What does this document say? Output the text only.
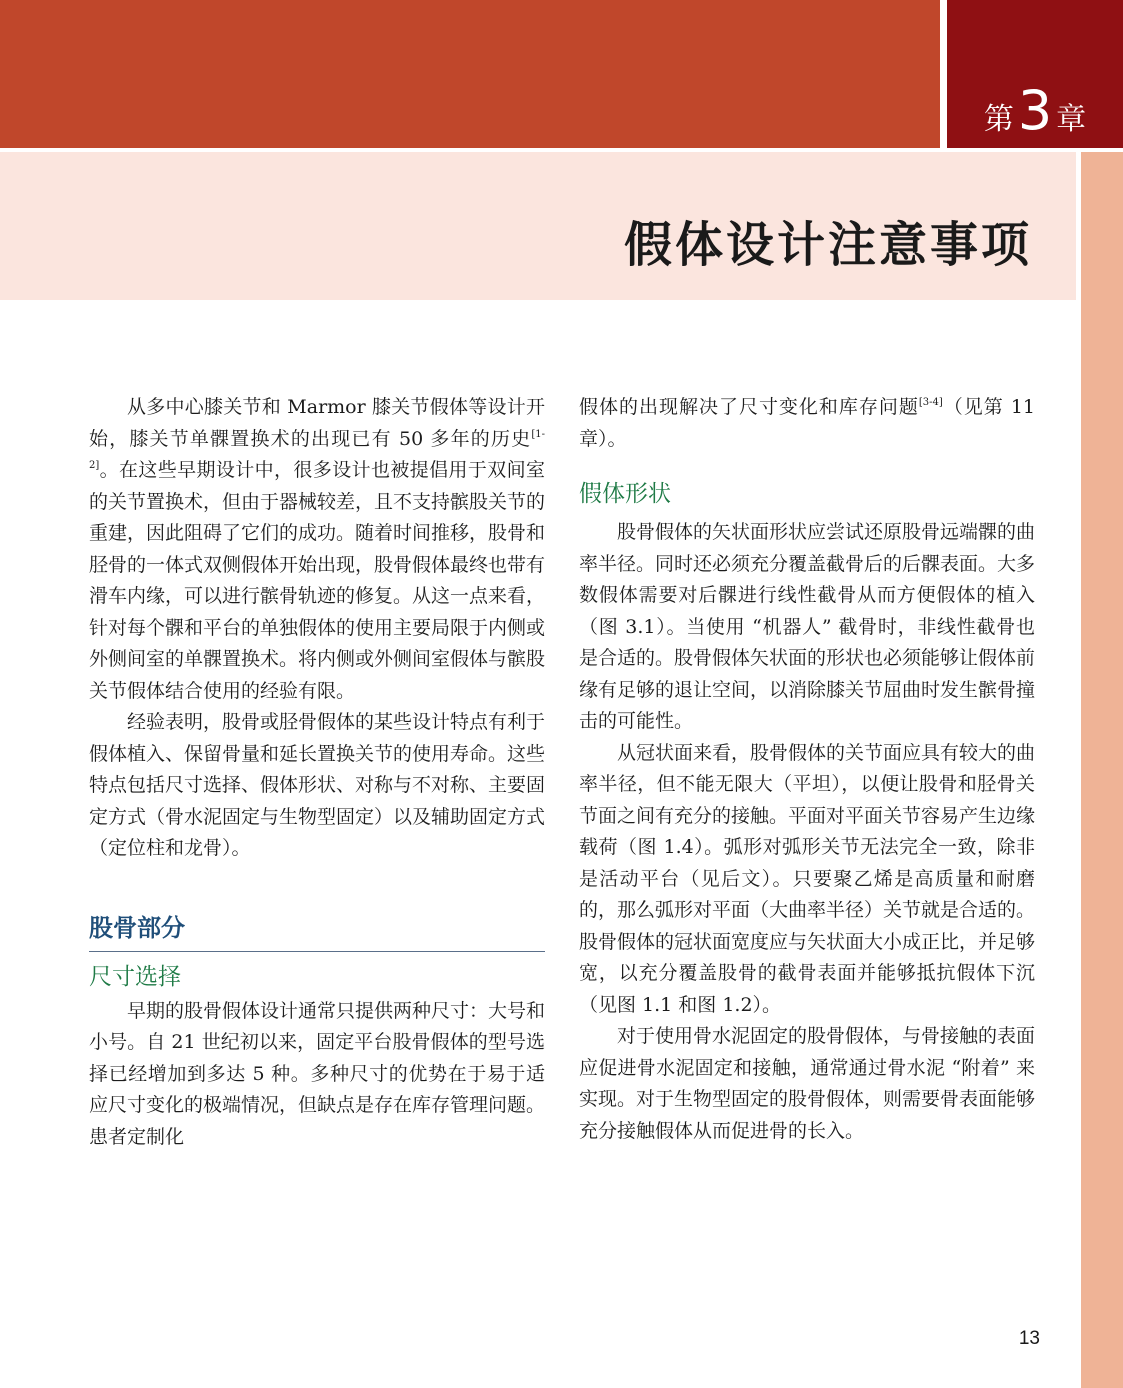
第3 章
假体设计注意事项

从多中心膝关节和 Marmor 膝关节假体等设计开始，膝关节单髁置换术的出现已有 50 多年的历史[1-2]。在这些早期设计中，很多设计也被提倡用于双间室的关节置换术，但由于器械较差，且不支持髌股关节的重建，因此阻碍了它们的成功。随着时间推移，股骨和胫骨的一体式双侧假体开始出现，股骨假体最终也带有滑车内缘，可以进行髌骨轨迹的修复。从这一点来看，针对每个髁和平台的单独假体的使用主要局限于内侧或外侧间室的单髁置换术。将内侧或外侧间室假体与髌股关节假体结合使用的经验有限。

经验表明，股骨或胫骨假体的某些设计特点有利于假体植入、保留骨量和延长置换关节的使用寿命。这些特点包括尺寸选择、假体形状、对称与不对称、主要固定方式（骨水泥固定与生物型固定）以及辅助固定方式（定位柱和龙骨）。

股骨部分
尺寸选择

早期的股骨假体设计通常只提供两种尺寸：大号和小号。自 21 世纪初以来，固定平台股骨假体的型号选择已经增加到多达 5 种。多种尺寸的优势在于易于适应尺寸变化的极端情况，但缺点是存在库存管理问题。患者定制化

假体的出现解决了尺寸变化和库存问题[3-4]（见第 11 章）。

假体形状

股骨假体的矢状面形状应尝试还原股骨远端髁的曲率半径。同时还必须充分覆盖截骨后的后髁表面。大多数假体需要对后髁进行线性截骨从而方便假体的植入（图 3.1）。当使用 “机器人” 截骨时，非线性截骨也是合适的。股骨假体矢状面的形状也必须能够让假体前缘有足够的退让空间，以消除膝关节屈曲时发生髌骨撞击的可能性。

从冠状面来看，股骨假体的关节面应具有较大的曲率半径，但不能无限大（平坦），以便让股骨和胫骨关节面之间有充分的接触。平面对平面关节容易产生边缘载荷（图 1.4）。弧形对弧形关节无法完全一致，除非是活动平台（见后文）。只要聚乙烯是高质量和耐磨的，那么弧形对平面（大曲率半径）关节就是合适的。股骨假体的冠状面宽度应与矢状面大小成正比，并足够宽，以充分覆盖股骨的截骨表面并能够抵抗假体下沉（见图 1.1 和图 1.2）。

对于使用骨水泥固定的股骨假体，与骨接触的表面应促进骨水泥固定和接触，通常通过骨水泥 “附着” 来实现。对于生物型固定的股骨假体，则需要骨表面能够充分接触假体从而促进骨的长入。

13
